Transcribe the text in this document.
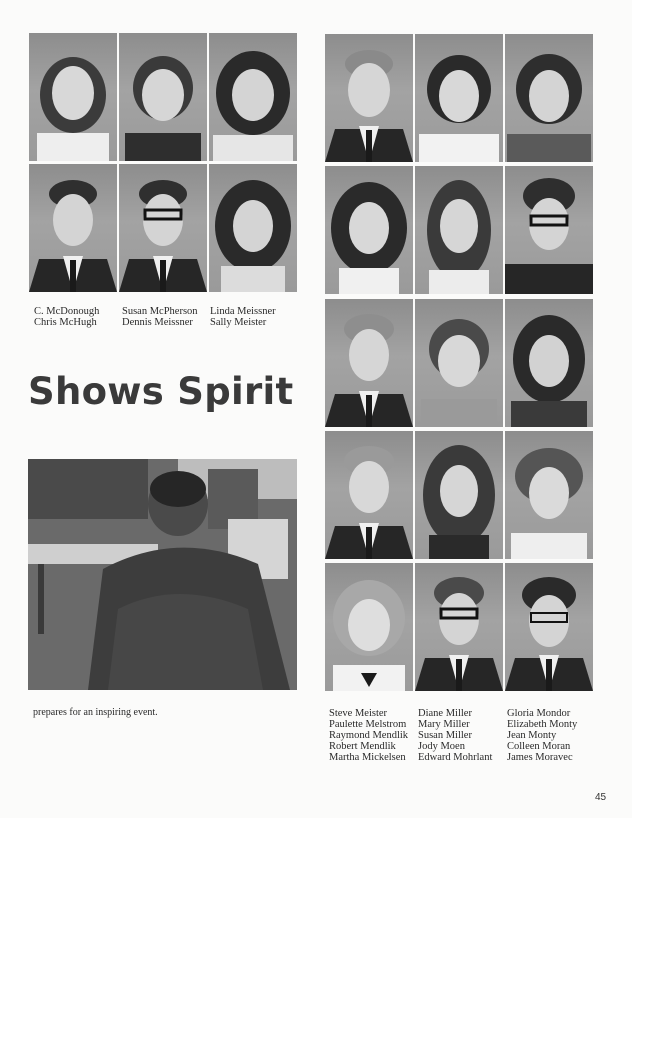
C. McDonough
Chris McHugh
Susan McPherson
Dennis Meissner
Linda Meissner
Sally Meister
Shows Spirit
prepares for an inspiring event.	Steve Meister
Paulette Melstrom
Raymond Mendlik
Robert Mendlik
Martha Mickelsen
Diane Miller
Mary Miller
Susan Miller
Jody Moen
Edward Mohrlant
Gloria Mondor
Elizabeth Monty
Jean Monty
Colleen Moran
James Moravec
45
